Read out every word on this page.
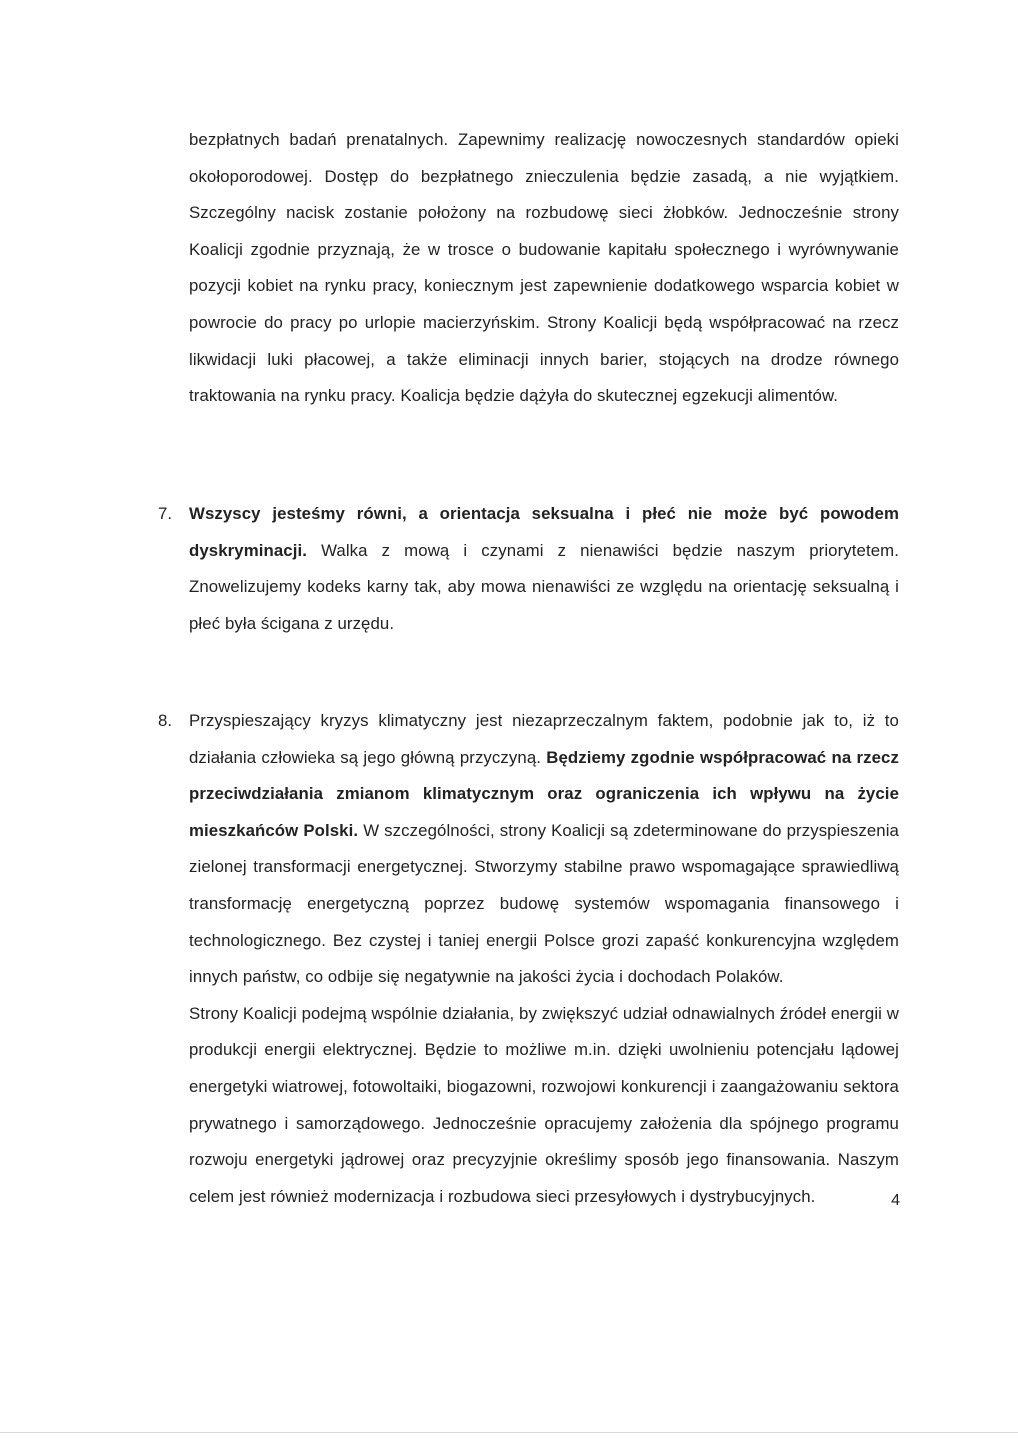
bezpłatnych badań prenatalnych. Zapewnimy realizację nowoczesnych standardów opieki okołoporodowej. Dostęp do bezpłatnego znieczulenia będzie zasadą, a nie wyjątkiem. Szczególny nacisk zostanie położony na rozbudowę sieci żłobków. Jednocześnie strony Koalicji zgodnie przyznają, że w trosce o budowanie kapitału społecznego i wyrównywanie pozycji kobiet na rynku pracy, koniecznym jest zapewnienie dodatkowego wsparcia kobiet w powrocie do pracy po urlopie macierzyńskim. Strony Koalicji będą współpracować na rzecz likwidacji luki płacowej, a także eliminacji innych barier, stojących na drodze równego traktowania na rynku pracy. Koalicja będzie dążyła do skutecznej egzekucji alimentów.

7. Wszyscy jesteśmy równi, a orientacja seksualna i płeć nie może być powodem dyskryminacji. Walka z mową i czynami z nienawiści będzie naszym priorytetem. Znowelizujemy kodeks karny tak, aby mowa nienawiści ze względu na orientację seksualną i płeć była ścigana z urzędu.

8. Przyspieszający kryzys klimatyczny jest niezaprzeczalnym faktem, podobnie jak to, iż to działania człowieka są jego główną przyczyną. Będziemy zgodnie współpracować na rzecz przeciwdziałania zmianom klimatycznym oraz ograniczenia ich wpływu na życie mieszkańców Polski. W szczególności, strony Koalicji są zdeterminowane do przyspieszenia zielonej transformacji energetycznej. Stworzymy stabilne prawo wspomagające sprawiedliwą transformację energetyczną poprzez budowę systemów wspomagania finansowego i technologicznego. Bez czystej i taniej energii Polsce grozi zapaść konkurencyjna względem innych państw, co odbije się negatywnie na jakości życia i dochodach Polaków.

Strony Koalicji podejmą wspólnie działania, by zwiększyć udział odnawialnych źródeł energii w produkcji energii elektrycznej. Będzie to możliwe m.in. dzięki uwolnieniu potencjału lądowej energetyki wiatrowej, fotowoltaiki, biogazowni, rozwojowi konkurencji i zaangażowaniu sektora prywatnego i samorządowego. Jednocześnie opracujemy założenia dla spójnego programu rozwoju energetyki jądrowej oraz precyzyjnie określimy sposób jego finansowania. Naszym celem jest również modernizacja i rozbudowa sieci przesyłowych i dystrybucyjnych.	4
